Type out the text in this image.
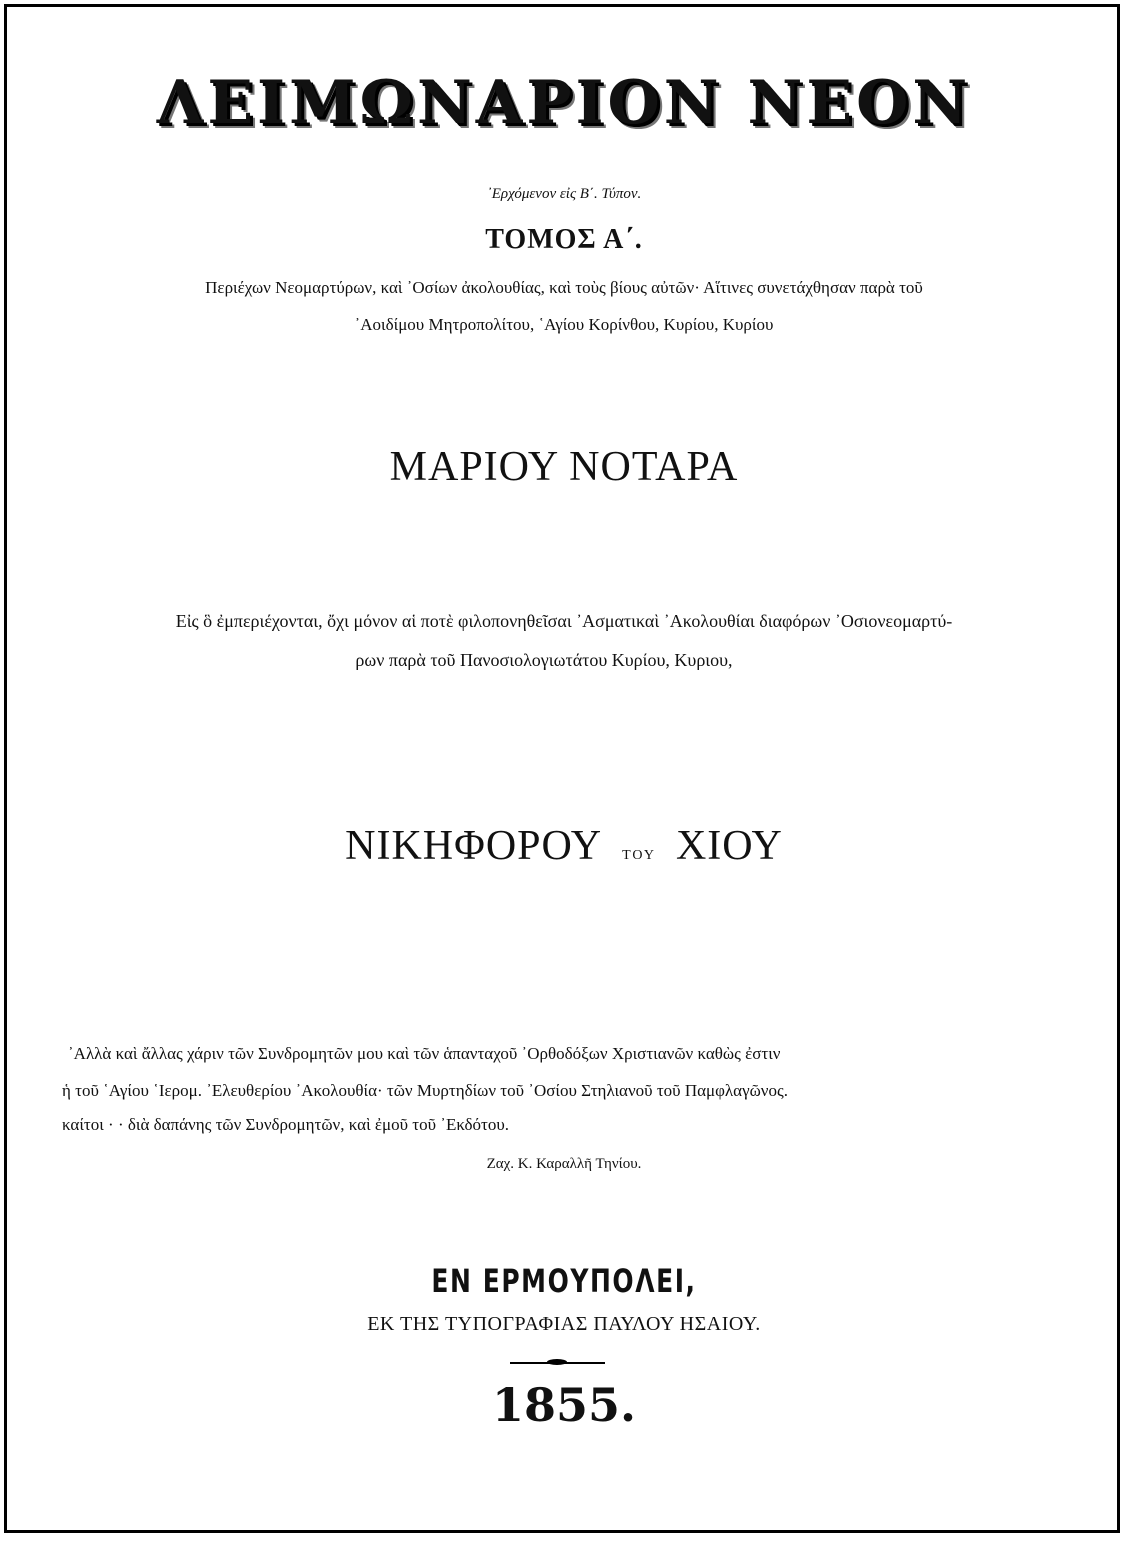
ΛΕΙΜΩΝΑΡΙΟΝ ΝΕΟΝ
᾿Ερχόμενον εἰς Β΄. Τύπον.
ΤΟΜΟΣ Α΄.
Περιέχων Νεομαρτύρων, καὶ ᾿Οσίων ἀκολουθίας, καὶ τοὺς βίους αὐτῶν· Αἵτινες συνετάχθησαν παρὰ τοῦ
᾿Αοιδίμου Μητροπολίτου, ῾Αγίου Κορίνθου, Κυρίου, Κυρίου
ΜΑΡΙΟΥ ΝΟΤΑΡΑ
Εἰς ὃ ἐμπεριέχονται, ὄχι μόνον αἱ ποτὲ φιλοπονηθεῖσαι ᾿Ασματικαὶ ᾿Ακολουθίαι διαφόρων ᾿Οσιονεομαρτύ-
ρων παρὰ τοῦ Πανοσιολογιωτάτου Κυρίου, Κυριου,
ΝΙΚΗΦΟΡΟΥ ΤΟΥ ΧΙΟΥ
᾿Αλλὰ καὶ ἄλλας χάριν τῶν Συνδρομητῶν μου καὶ τῶν ἁπανταχοῦ ᾿Ορθοδόξων Χριστιανῶν καθὼς ἐστιν
ἡ τοῦ ῾Αγίου ῾Ιερομ. ᾿Ελευθερίου ᾿Ακολουθία· τῶν Μυρτηδίων τοῦ ᾿Οσίου Στηλιανοῦ τοῦ Παμφλαγῶνος.
καίτοι · · διὰ δαπάνης τῶν Συνδρομητῶν, καὶ ἐμοῦ τοῦ ᾿Εκδότου.
Ζαχ. Κ. Καραλλῆ Τηνίου.
ΕΝ ΕΡΜΟΥΠΟΛΕΙ,
ΕΚ ΤΗΣ ΤΥΠΟΓΡΑΦΙΑΣ ΠΑΥΛΟΥ ΗΣΑΙΟΥ.
1855.
